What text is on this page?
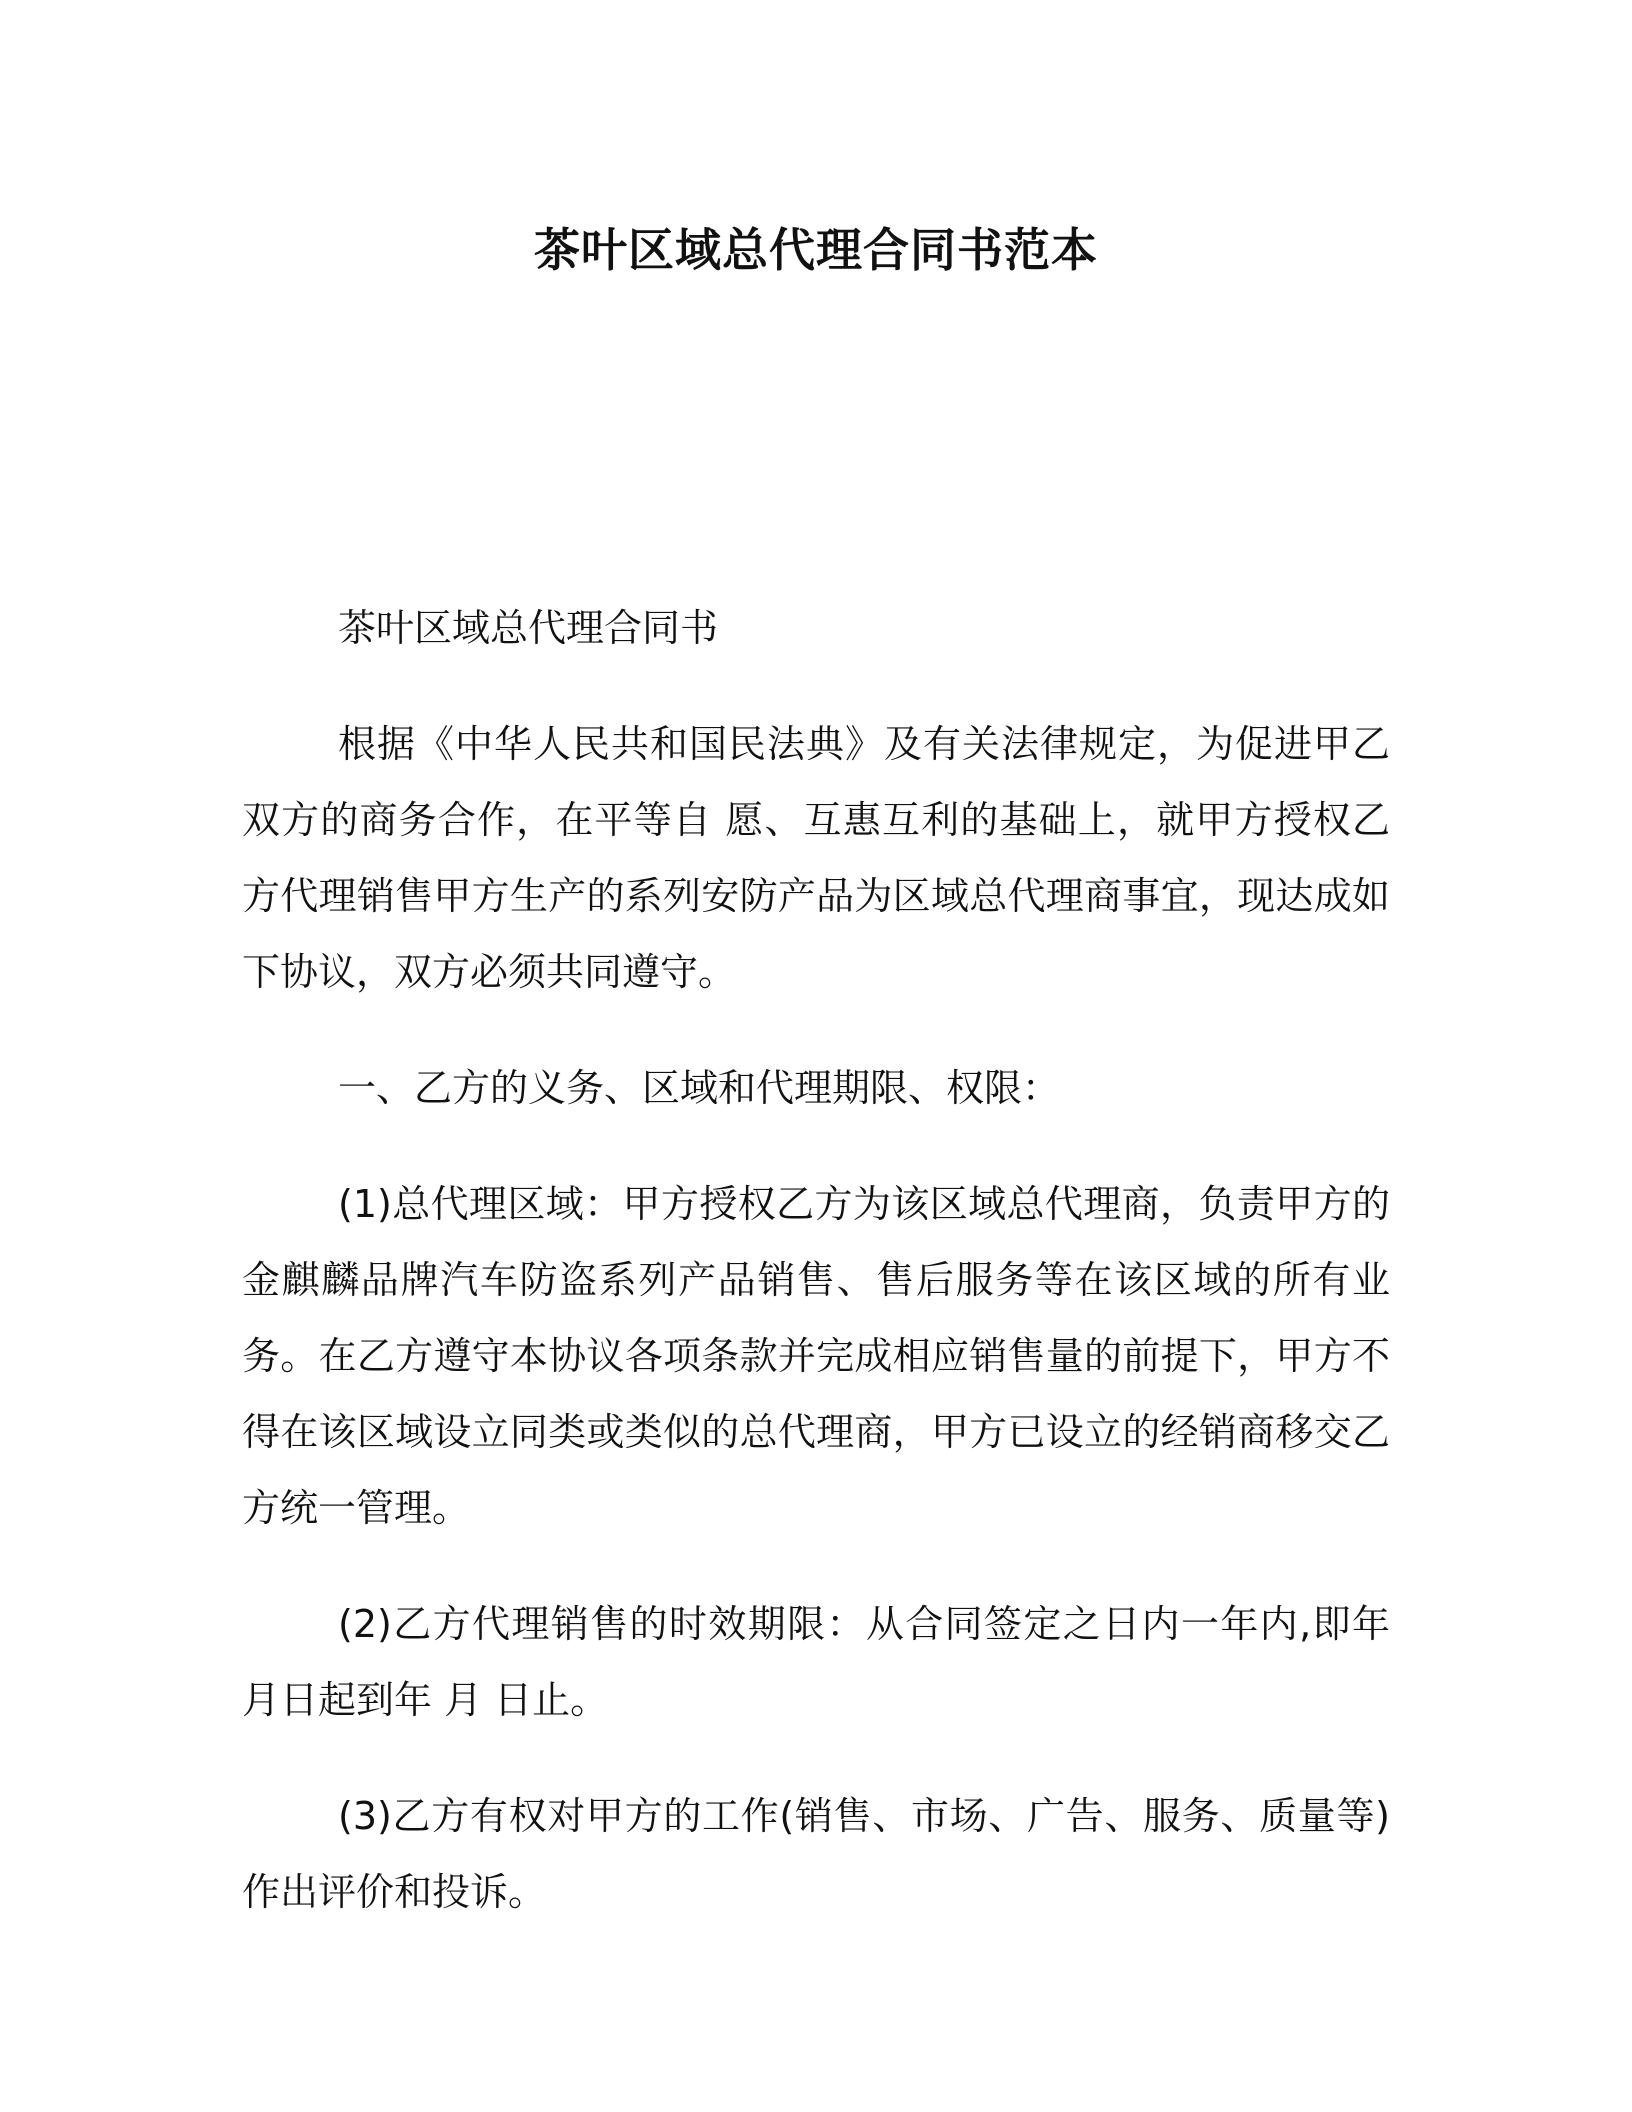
茶叶区域总代理合同书范本

茶叶区域总代理合同书

根据《中华人民共和国民法典》及有关法律规定，为促进甲乙双方的商务合作，在平等自 愿、互惠互利的基础上，就甲方授权乙方代理销售甲方生产的系列安防产品为区域总代理商事宜，现达成如下协议，双方必须共同遵守。

一、乙方的义务、区域和代理期限、权限：

(1)总代理区域：甲方授权乙方为该区域总代理商，负责甲方的金麒麟品牌汽车防盗系列产品销售、售后服务等在该区域的所有业务。在乙方遵守本协议各项条款并完成相应销售量的前提下，甲方不得在该区域设立同类或类似的总代理商，甲方已设立的经销商移交乙方统一管理。

(2)乙方代理销售的时效期限：从合同签定之日内一年内,即年 月日起到年 月 日止。

(3)乙方有权对甲方的工作(销售、市场、广告、服务、质量等)作出评价和投诉。
